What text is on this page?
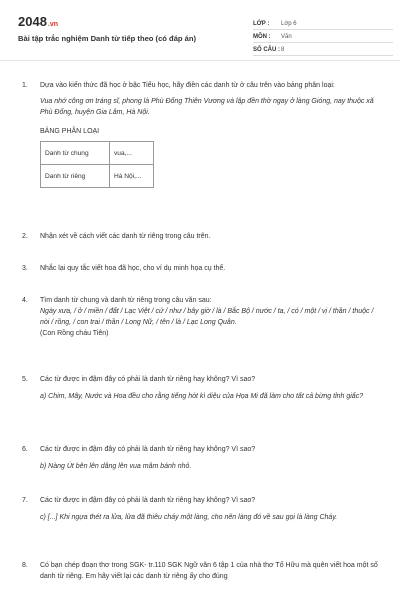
2048.vn
Bài tập trắc nghiệm Danh từ tiếp theo (có đáp án)
LỚP :	Lớp 6
MÔN :	Văn
SỐ CÂU : 8
1.	Dựa vào kiến thức đã học ở bậc Tiểu học, hãy điền các danh từ ở câu trên vào bảng phân loại:
Vua nhớ công ơn tráng sĩ, phong là Phù Đổng Thiên Vương và lập đền thờ ngay ở làng Gióng, nay thuộc xã Phù Đổng, huyện Gia Lâm, Hà Nội.
BẢNG PHÂN LOẠI
Danh từ chung	vua,...
Danh từ riêng	Hà Nội,...
2.	Nhận xét về cách viết các danh từ riêng trong câu trên.
3.	Nhắc lại quy tắc viết hoa đã học, cho ví dụ minh họa cụ thể.
4.	Tìm danh từ chung và danh từ riêng trong câu văn sau:
Ngày xưa, / ở / miền / đất / Lạc Việt / cứ / như / bây giờ / là / Bắc Bộ / nước / ta, / có / một / vị / thần / thuộc / nòi / rồng, / con trai / thần / Long Nữ, / tên / là / Lạc Long Quân.
(Con Rồng cháu Tiên)
5.	Các từ được in đậm đây có phải là danh từ riêng hay không? Vì sao?
a) Chim, Mây, Nước và Hoa đều cho rằng tiếng hót kì diệu của Họa Mi đã làm cho tất cả bừng tỉnh giấc?
6.	Các từ được in đậm đây có phải là danh từ riêng hay không? Vì sao?
b) Nàng Út bên lên dâng lên vua mâm bánh nhỏ.
7.	Các từ được in đậm đây có phải là danh từ riêng hay không? Vì sao?
c) [...] Khi ngựa thét ra lửa, lửa đã thiêu cháy một làng, cho nên làng đó về sau gọi là làng Cháy.
8.	Có bạn chép đoạn thơ trong SGK- tr.110 SGK Ngữ văn 6 tập 1 của nhà thơ Tố Hữu mà quên viết hoa một số danh từ riêng. Em hãy viết lại các danh từ riêng ấy cho đúng
